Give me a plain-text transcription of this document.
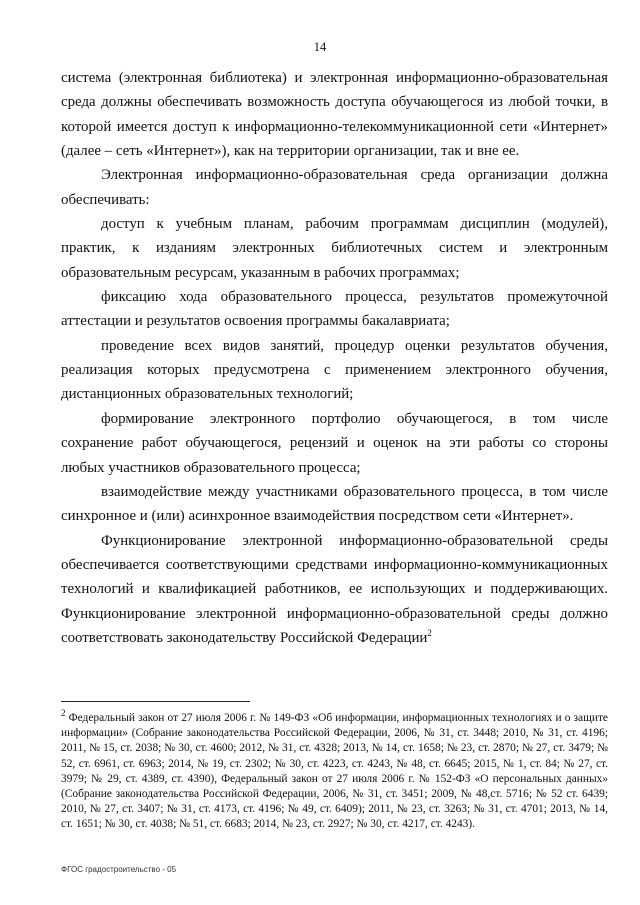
14

система (электронная библиотека) и электронная информационно-образовательная среда должны обеспечивать возможность доступа обучающегося из любой точки, в которой имеется доступ к информационно-телекоммуникационной сети «Интернет» (далее – сеть «Интернет»), как на территории организации, так и вне ее.

Электронная информационно-образовательная среда организации должна обеспечивать:

доступ к учебным планам, рабочим программам дисциплин (модулей), практик, к изданиям электронных библиотечных систем и электронным образовательным ресурсам, указанным в рабочих программах;

фиксацию хода образовательного процесса, результатов промежуточной аттестации и результатов освоения программы бакалавриата;

проведение всех видов занятий, процедур оценки результатов обучения, реализация которых предусмотрена с применением электронного обучения, дистанционных образовательных технологий;

формирование электронного портфолио обучающегося, в том числе сохранение работ обучающегося, рецензий и оценок на эти работы со стороны любых участников образовательного процесса;

взаимодействие между участниками образовательного процесса, в том числе синхронное и (или) асинхронное взаимодействия посредством сети «Интернет».

Функционирование электронной информационно-образовательной среды обеспечивается соответствующими средствами информационно-коммуникационных технологий и квалификацией работников, ее использующих и поддерживающих. Функционирование электронной информационно-образовательной среды должно соответствовать законодательству Российской Федерации$^2$

$^2$ Федеральный закон от 27 июля 2006 г. № 149-ФЗ «Об информации, информационных технологиях и о защите информации» (Собрание законодательства Российской Федерации, 2006, № 31, ст. 3448; 2010, № 31, ст. 4196; 2011, № 15, ст. 2038; № 30, ст. 4600; 2012, № 31, ст. 4328; 2013, № 14, ст. 1658; № 23, ст. 2870; № 27, ст. 3479; № 52, ст. 6961, ст. 6963; 2014, № 19, ст. 2302; № 30, ст. 4223, ст. 4243, № 48, ст. 6645; 2015, № 1, ст. 84; № 27, ст. 3979; № 29, ст. 4389, ст. 4390), Федеральный закон от 27 июля 2006 г. № 152-ФЗ «О персональных данных» (Собрание законодательства Российской Федерации, 2006, № 31, ст. 3451; 2009, № 48,ст. 5716; № 52 ст. 6439; 2010, № 27, ст. 3407; № 31, ст. 4173, ст. 4196; № 49, ст. 6409); 2011, № 23, ст. 3263; № 31, ст. 4701; 2013, № 14, ст. 1651; № 30, ст. 4038; № 51, ст. 6683; 2014, № 23, ст. 2927; № 30, ст. 4217, ст. 4243).

ФГОС градостроительство - 05
